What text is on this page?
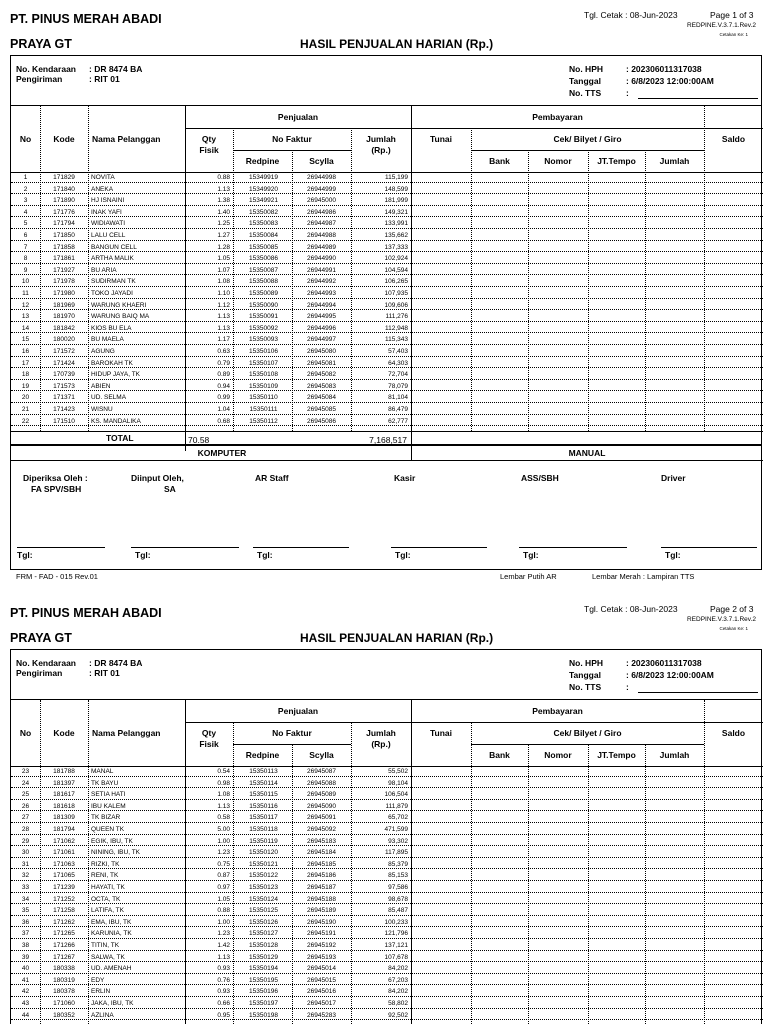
PT. PINUS MERAH ABADI
PRAYA GT	HASIL PENJUALAN HARIAN (Rp.)
Tgl. Cetak : 08-Jun-2023	Page 1 of 3
REDPINE.V.3.7.1.Rev.2
Cetakan Ke: 1
No. Kendaraan : DR 8474 BA
Pengiriman	: RIT 01
No. HPH	: 202306011317038
Tanggal	: 6/8/2023 12:00:00AM
No. TTS	:
No	Kode	Nama Pelanggan
Penjualan
Qty
Fisik
No Faktur
Redpine	Scylla
Jumlah
(Rp.)
Pembayaran
Tunai	Cek/ Bilyet / Giro
Bank	Nomor	JT.Tempo	Jumlah
Saldo
1	171829	NOVITA	0.88	15349919	26944998	115,199
2	171840	ANEKA	1.13	15349920	26944999	148,599
3	171890	HJ ISNAINI	1.38	15349921	26945000	181,999
4	171776	INAK YAFI	1.40	15350082	26944986	149,321
5	171794	WIDIAWATI	1.25	15350083	26944987	133,991
6	171850	LALU CELL	1.27	15350084	26944988	135,662
7	171858	BANGUN CELL	1.28	15350085	26944989	137,333
8	171861	ARTHA MALIK	1.05	15350086	26944990	102,924
9	171927	BU ARIA	1.07	15350087	26944991	104,594
10	171978	SUDIRMAN TK	1.08	15350088	26944992	106,265
11	171980	TOKO JAYADI	1.10	15350089	26944993	107,935
12	181969	WARUNG KHAERI	1.12	15350090	26944994	109,606
13	181970	WARUNG BAIQ MA	1.13	15350091	26944995	111,276
14	181842	KIOS BU ELA	1.13	15350092	26944996	112,948
15	180020	BU MAELA	1.17	15350093	26944997	115,343
16	171572	AGUNG	0.63	15350106	26945080	57,403
17	171424	BAROKAH TK	0.79	15350107	26945081	64,303
18	170739	HIDUP JAYA, TK	0.89	15350108	26945082	72,704
19	171573	ABIEN	0.94	15350109	26945083	78,079
20	171371	UD. SELMA	0.99	15350110	26945084	81,104
21	171423	WISNU	1.04	15350111	26945085	86,479
22	171510	KS. MANDALIKA	0.68	15350112	26945086	62,777
TOTAL	70.58	7,168,517
KOMPUTER	MANUAL
Diperiksa Oleh :
FA SPV/SBH
Diinput Oleh,
SA
AR Staff	Kasir	ASS/SBH	Driver
Tgl:	Tgl:	Tgl:	Tgl:	Tgl:	Tgl:
FRM - FAD - 015 Rev.01	Lembar Putih AR	Lembar Merah : Lampiran TTS
PT. PINUS MERAH ABADI
PRAYA GT	HASIL PENJUALAN HARIAN (Rp.)
Tgl. Cetak : 08-Jun-2023	Page 2 of 3
REDPINE.V.3.7.1.Rev.2
Cetakan Ke: 1
No. Kendaraan : DR 8474 BA
Pengiriman	: RIT 01
No. HPH	: 202306011317038
Tanggal	: 6/8/2023 12:00:00AM
No. TTS	:
No	Kode	Nama Pelanggan
Penjualan
Qty
Fisik
No Faktur
Redpine	Scylla
Jumlah
(Rp.)
Pembayaran
Tunai	Cek/ Bilyet / Giro
Bank	Nomor	JT.Tempo	Jumlah
Saldo
23	181788	MANAL	0.54	15350113	26945087	55,502
24	181397	TK BAYU	0.98	15350114	26945088	98,104
25	181617	SETIA HATI	1.08	15350115	26945089	106,504
26	181618	IBU KALEM	1.13	15350116	26945090	111,879
27	181309	TK BIZAR	0.58	15350117	26945091	65,702
28	181794	QUEEN TK	5.00	15350118	26945092	471,599
29	171062	EGIK, IBU, TK	1.00	15350119	26945183	93,302
30	171061	NINING, IBU, TK	1.23	15350120	26945184	117,895
31	171063	RIZKI, TK	0.75	15350121	26945185	85,379
32	171065	RENI, TK	0.87	15350122	26945186	85,153
33	171239	HAYATI, TK	0.97	15350123	26945187	97,586
34	171252	OCTA, TK	1.05	15350124	26945188	98,678
35	171258	LATIFA, TK	0.88	15350125	26945189	85,487
36	171262	EMA, IBU, TK	1.00	15350126	26945190	100,233
37	171265	KARUNIA, TK	1.23	15350127	26945191	121,796
38	171266	TITIN, TK	1.42	15350128	26945192	137,121
39	171267	SALWA, TK	1.13	15350129	26945193	107,678
40	180338	UD. AMENAH	0.93	15350194	26945014	84,202
41	180319	EDY	0.76	15350195	26945015	67,203
42	180378	ERLIN	0.93	15350196	26945016	84,202
43	171060	JAKA, IBU, TK	0.66	15350197	26945017	58,802
44	180352	AZLINA	0.95	15350198	26945283	92,502
